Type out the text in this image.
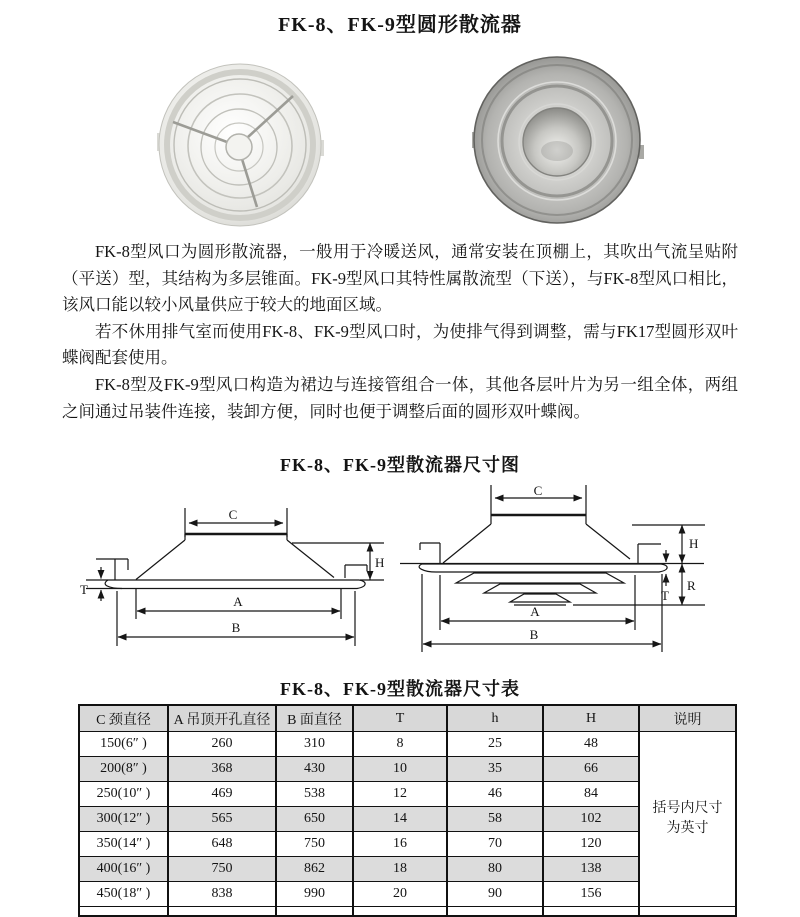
FK-8、FK-9型圆形散流器

FK-8型风口为圆形散流器，一般用于冷暖送风，通常安装在顶棚上，其吹出气流呈贴附（平送）型，其结构为多层锥面。FK-9型风口其特性属散流型（下送），与FK-8型风口相比，该风口能以较小风量供应于较大的地面区域。

若不休用排气室而使用FK-8、FK-9型风口时，为使排气得到调整，需与FK17型圆形双叶蝶阀配套使用。

FK-8型及FK-9型风口构造为裙边与连接管组合一体，其他各层叶片为另一组全体，两组之间通过吊装件连接，装卸方便，同时也便于调整后面的圆形双叶蝶阀。

FK-8、FK-9型散流器尺寸图
C
H
T
A
B
C
H
T
R
A
B
FK-8、FK-9型散流器尺寸表
C 颈直径	A 吊顶开孔直径	B 面直径	T	h	H	说明
150(6″ )	260	310	8	25	48	括号内尺寸为英寸
200(8″ )	368	430	10	35	66	
250(10″ )	469	538	12	46	84	
300(12″ )	565	650	14	58	102	
350(14″ )	648	750	16	70	120	
400(16″ )	750	862	18	80	138	
450(18″ )	838	990	20	90	156	
